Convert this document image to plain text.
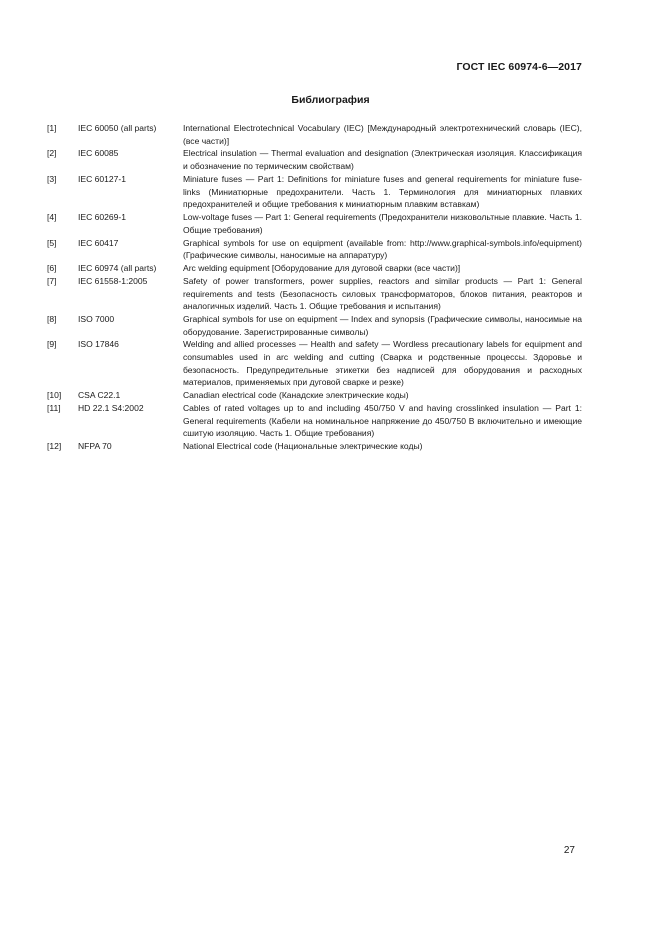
ГОСТ IEC 60974-6—2017
Библиография
[1]	IEC 60050 (all parts)	International Electrotechnical Vocabulary (IEC) [Международный электротехнический словарь (IEC), (все части)]
[2]	IEC 60085	Electrical insulation — Thermal evaluation and designation (Электрическая изоляция. Классификация и обозначение по термическим свойствам)
[3]	IEC 60127-1	Miniature fuses — Part 1: Definitions for miniature fuses and general requirements for miniature fuse-links (Миниатюрные предохранители. Часть 1. Терминология для миниатюрных плавких предохранителей и общие требования к миниатюрным плавким вставкам)
[4]	IEC 60269-1	Low-voltage fuses — Part 1: General requirements (Предохранители низковольтные плавкие. Часть 1. Общие требования)
[5]	IEC 60417	Graphical symbols for use on equipment (available from: http://www.graphical-symbols.info/equipment) (Графические символы, наносимые на аппаратуру)
[6]	IEC 60974 (all parts)	Arc welding equipment [Оборудование для дуговой сварки (все части)]
[7]	IEC 61558-1:2005	Safety of power transformers, power supplies, reactors and similar products — Part 1: General requirements and tests (Безопасность силовых трансформаторов, блоков питания, реакторов и аналогичных изделий. Часть 1. Общие требования и испытания)
[8]	ISO 7000	Graphical symbols for use on equipment — Index and synopsis (Графические символы, наносимые на оборудование. Зарегистрированные символы)
[9]	ISO 17846	Welding and allied processes — Health and safety — Wordless precautionary labels for equipment and consumables used in arc welding and cutting (Сварка и родственные процессы. Здоровье и безопасность. Предупредительные этикетки без надписей для оборудования и расходных материалов, применяемых при дуговой сварке и резке)
[10]	CSA C22.1	Canadian electrical code (Канадские электрические коды)
[11]	HD 22.1 S4:2002	Cables of rated voltages up to and including 450/750 V and having crosslinked insulation — Part 1: General requirements (Кабели на номинальное напряжение до 450/750 В включительно и имеющие сшитую изоляцию. Часть 1. Общие требования)
[12]	NFPA 70	National Electrical code (Национальные электрические коды)
27
